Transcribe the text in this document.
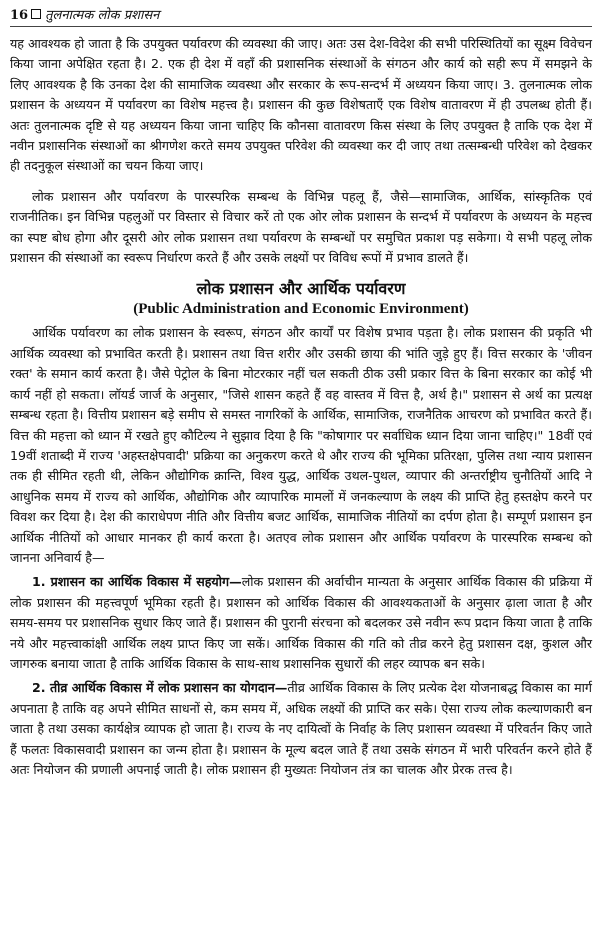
16 तुलनात्मक लोक प्रशासन

यह आवश्यक हो जाता है कि उपयुक्त पर्यावरण की व्यवस्था की जाए। अतः उस देश-विदेश की सभी परिस्थितियों का सूक्ष्म विवेचन किया जाना अपेक्षित रहता है। 2. एक ही देश में वहाँ की प्रशासनिक संस्थाओं के संगठन और कार्य को सही रूप में समझने के लिए आवश्यक है कि उनका देश की सामाजिक व्यवस्था और सरकार के रूप-सन्दर्भ में अध्ययन किया जाए। 3. तुलनात्मक लोक प्रशासन के अध्ययन में पर्यावरण का विशेष महत्त्व है। प्रशासन की कुछ विशेषताएँ एक विशेष वातावरण में ही उपलब्ध होती हैं। अतः तुलनात्मक दृष्टि से यह अध्ययन किया जाना चाहिए कि कौनसा वातावरण किस संस्था के लिए उपयुक्त है ताकि एक देश में नवीन प्रशासनिक संस्थाओं का श्रीगणेश करते समय उपयुक्त परिवेश की व्यवस्था कर दी जाए तथा तत्सम्बन्धी परिवेश को देखकर ही तदनुकूल संस्थाओं का चयन किया जाए।

लोक प्रशासन और पर्यावरण के पारस्परिक सम्बन्ध के विभिन्न पहलू हैं, जैसे—सामाजिक, आर्थिक, सांस्कृतिक एवं राजनीतिक। इन विभिन्न पहलुओं पर विस्तार से विचार करें तो एक ओर लोक प्रशासन के सन्दर्भ में पर्यावरण के अध्ययन के महत्त्व का स्पष्ट बोध होगा और दूसरी ओर लोक प्रशासन तथा पर्यावरण के सम्बन्धों पर समुचित प्रकाश पड़ सकेगा। ये सभी पहलू लोक प्रशासन की संस्थाओं का स्वरूप निर्धारण करते हैं और उसके लक्ष्यों पर विविध रूपों में प्रभाव डालते हैं।

लोक प्रशासन और आर्थिक पर्यावरण
(Public Administration and Economic Environment)

आर्थिक पर्यावरण का लोक प्रशासन के स्वरूप, संगठन और कार्यों पर विशेष प्रभाव पड़ता है। लोक प्रशासन की प्रकृति भी आर्थिक व्यवस्था को प्रभावित करती है। प्रशासन तथा वित्त शरीर और उसकी छाया की भांति जुड़े हुए हैं। वित्त सरकार के 'जीवन रक्त' के समान कार्य करता है। जैसे पेट्रोल के बिना मोटरकार नहीं चल सकती ठीक उसी प्रकार वित्त के बिना सरकार का कोई भी कार्य नहीं हो सकता। लॉयर्ड जार्ज के अनुसार, "जिसे शासन कहते हैं वह वास्तव में वित्त है, अर्थ है।" प्रशासन से अर्थ का प्रत्यक्ष सम्बन्ध रहता है। वित्तीय प्रशासन बड़े समीप से समस्त नागरिकों के आर्थिक, सामाजिक, राजनैतिक आचरण को प्रभावित करते हैं। वित्त की महत्ता को ध्यान में रखते हुए कौटिल्य ने सुझाव दिया है कि "कोषागार पर सर्वाधिक ध्यान दिया जाना चाहिए।" 18वीं एवं 19वीं शताब्दी में राज्य 'अहस्तक्षेपवादी' प्रक्रिया का अनुकरण करते थे और राज्य की भूमिका प्रतिरक्षा, पुलिस तथा न्याय प्रशासन तक ही सीमित रहती थी, लेकिन औद्योगिक क्रान्ति, विश्व युद्ध, आर्थिक उथल-पुथल, व्यापार की अन्तर्राष्ट्रीय चुनौतियों आदि ने आधुनिक समय में राज्य को आर्थिक, औद्योगिक और व्यापारिक मामलों में जनकल्याण के लक्ष्य की प्राप्ति हेतु हस्तक्षेप करने पर विवश कर दिया है। देश की काराधेपण नीति और वित्तीय बजट आर्थिक, सामाजिक नीतियों का दर्पण होता है। सम्पूर्ण प्रशासन इन आर्थिक नीतियों को आधार मानकर ही कार्य करता है। अतएव लोक प्रशासन और आर्थिक पर्यावरण के पारस्परिक सम्बन्ध को जानना अनिवार्य है—

1. प्रशासन का आर्थिक विकास में सहयोग—लोक प्रशासन की अर्वाचीन मान्यता के अनुसार आर्थिक विकास की प्रक्रिया में लोक प्रशासन की महत्त्वपूर्ण भूमिका रहती है। प्रशासन को आर्थिक विकास की आवश्यकताओं के अनुसार ढ़ाला जाता है और समय-समय पर प्रशासनिक सुधार किए जाते हैं। प्रशासन की पुरानी संरचना को बदलकर उसे नवीन रूप प्रदान किया जाता है ताकि नये और महत्त्वाकांक्षी आर्थिक लक्ष्य प्राप्त किए जा सकें। आर्थिक विकास की गति को तीव्र करने हेतु प्रशासन दक्ष, कुशल और जागरुक बनाया जाता है ताकि आर्थिक विकास के साथ-साथ प्रशासनिक सुधारों की लहर व्यापक बन सके।

2. तीव्र आर्थिक विकास में लोक प्रशासन का योगदान—तीव्र आर्थिक विकास के लिए प्रत्येक देश योजनाबद्ध विकास का मार्ग अपनाता है ताकि वह अपने सीमित साधनों से, कम समय में, अधिक लक्ष्यों की प्राप्ति कर सके। ऐसा राज्य लोक कल्याणकारी बन जाता है तथा उसका कार्यक्षेत्र व्यापक हो जाता है। राज्य के नए दायित्वों के निर्वाह के लिए प्रशासन व्यवस्था में परिवर्तन किए जाते हैं फलतः विकासवादी प्रशासन का जन्म होता है। प्रशासन के मूल्य बदल जाते हैं तथा उसके संगठन में भारी परिवर्तन करने होते हैं अतः नियोजन की प्रणाली अपनाई जाती है। लोक प्रशासन ही मुख्यतः नियोजन तंत्र का चालक और प्रेरक तत्त्व है।
